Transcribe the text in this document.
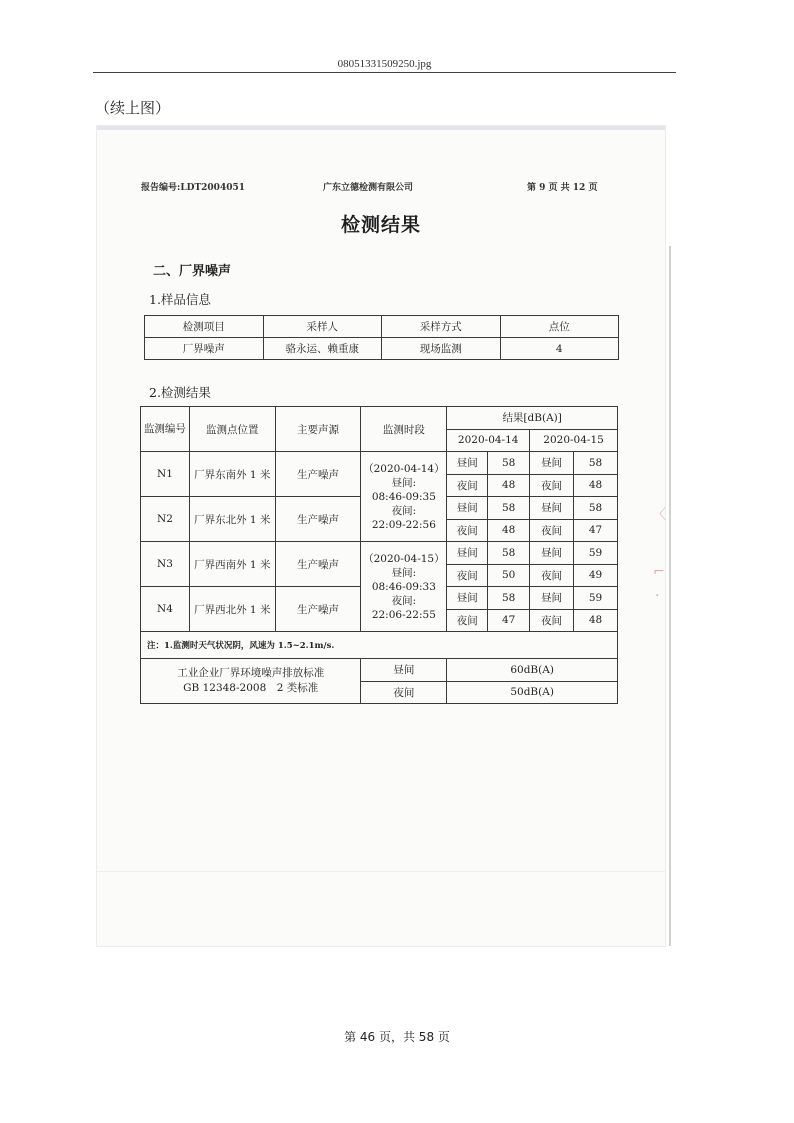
08051331509250.jpg
（续上图）
报告编号:LDT2004051	广东立德检测有限公司	第 9 页 共 12 页
检测结果
二、厂界噪声
1.样品信息
检测项目	采样人	采样方式	点位
厂界噪声	骆永运、赖重康	现场监测	4
2.检测结果
监测编号	监测点位置	主要声源	监测时段	结果[dB(A)]			
				2020-04-14		2020-04-15	
N1	厂界东南外 1 米	生产噪声	（2020-04-14）
昼间:
08:46-09:35
夜间:
22:09-22:56	昼间	58	昼间	58
				夜间	48	夜间	48
N2	厂界东北外 1 米	生产噪声		昼间	58	昼间	58
				夜间	48	夜间	47
N3	厂界西南外 1 米	生产噪声	（2020-04-15）
昼间:
08:46-09:33
夜间:
22:06-22:55	昼间	58	昼间	59
				夜间	50	夜间	49
N4	厂界西北外 1 米	生产噪声		昼间	58	昼间	59
				夜间	47	夜间	48
注：1.监测时天气状况阴，风速为 1.5~2.1m/s.							

工业企业厂界环境噪声排放标准
GB 12348-2008　2 类标准			昼间	60dB(A)			
			夜间	50dB(A)			
〈
⌐
·
第 46 页，共 58 页
